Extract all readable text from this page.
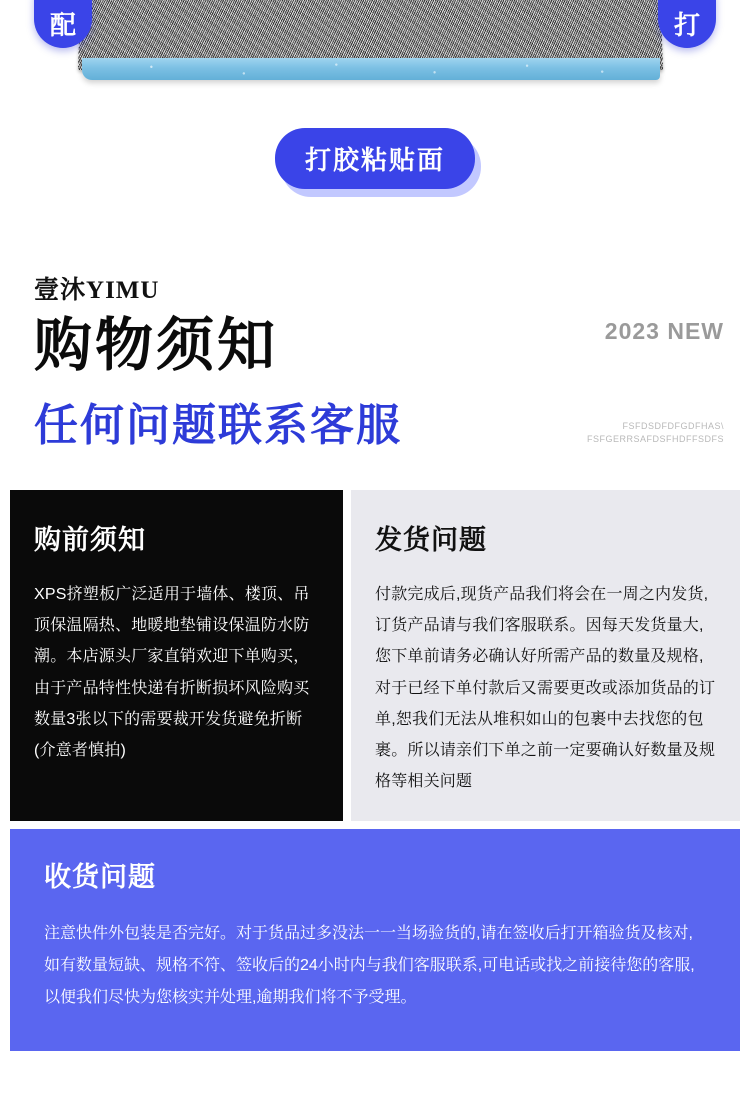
配	打
打胶粘贴面
壹沐YIMU
购物须知
任何问题联系客服
2023 NEW
FSFDSDFDFGDFHAS\
FSFGERRSAFDSFHDFFSDFS
购前须知

XPS挤塑板广泛适用于墙体、楼顶、吊顶保温隔热、地暖地垫铺设保温防水防潮。本店源头厂家直销欢迎下单购买，由于产品特性快递有折断损坏风险购买数量3张以下的需要裁开发货避免折断(介意者慎拍)

发货问题

付款完成后,现货产品我们将会在一周之内发货,订货产品请与我们客服联系。因每天发货量大,您下单前请务必确认好所需产品的数量及规格,对于已经下单付款后又需要更改或添加货品的订单,恕我们无法从堆积如山的包裹中去找您的包裹。所以请亲们下单之前一定要确认好数量及规格等相关问题

收货问题

注意快件外包装是否完好。对于货品过多没法一一当场验货的,请在签收后打开箱验货及核对,如有数量短缺、规格不符、签收后的24小时内与我们客服联系,可电话或找之前接待您的客服,以便我们尽快为您核实并处理,逾期我们将不予受理。
